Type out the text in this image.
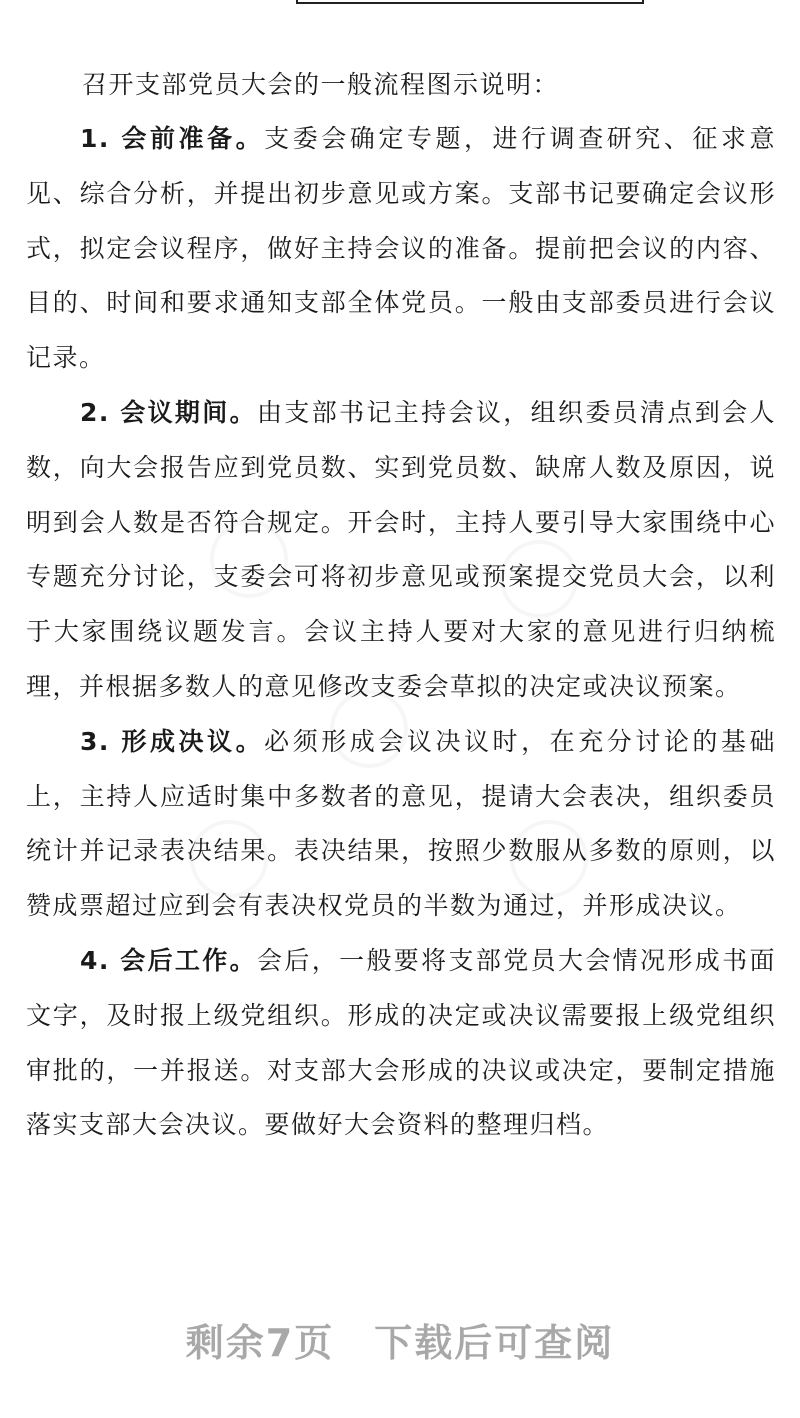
召开支部党员大会的一般流程图示说明：

1. 会前准备。支委会确定专题，进行调查研究、征求意见、综合分析，并提出初步意见或方案。支部书记要确定会议形式，拟定会议程序，做好主持会议的准备。提前把会议的内容、目的、时间和要求通知支部全体党员。一般由支部委员进行会议记录。

2. 会议期间。由支部书记主持会议，组织委员清点到会人数，向大会报告应到党员数、实到党员数、缺席人数及原因，说明到会人数是否符合规定。开会时，主持人要引导大家围绕中心专题充分讨论，支委会可将初步意见或预案提交党员大会，以利于大家围绕议题发言。会议主持人要对大家的意见进行归纳梳理，并根据多数人的意见修改支委会草拟的决定或决议预案。

3. 形成决议。必须形成会议决议时，在充分讨论的基础上，主持人应适时集中多数者的意见，提请大会表决，组织委员统计并记录表决结果。表决结果，按照少数服从多数的原则，以赞成票超过应到会有表决权党员的半数为通过，并形成决议。

4. 会后工作。会后，一般要将支部党员大会情况形成书面文字，及时报上级党组织。形成的决定或决议需要报上级党组织审批的，一并报送。对支部大会形成的决议或决定，要制定措施落实支部大会决议。要做好大会资料的整理归档。

剩余7页 下载后可查阅
